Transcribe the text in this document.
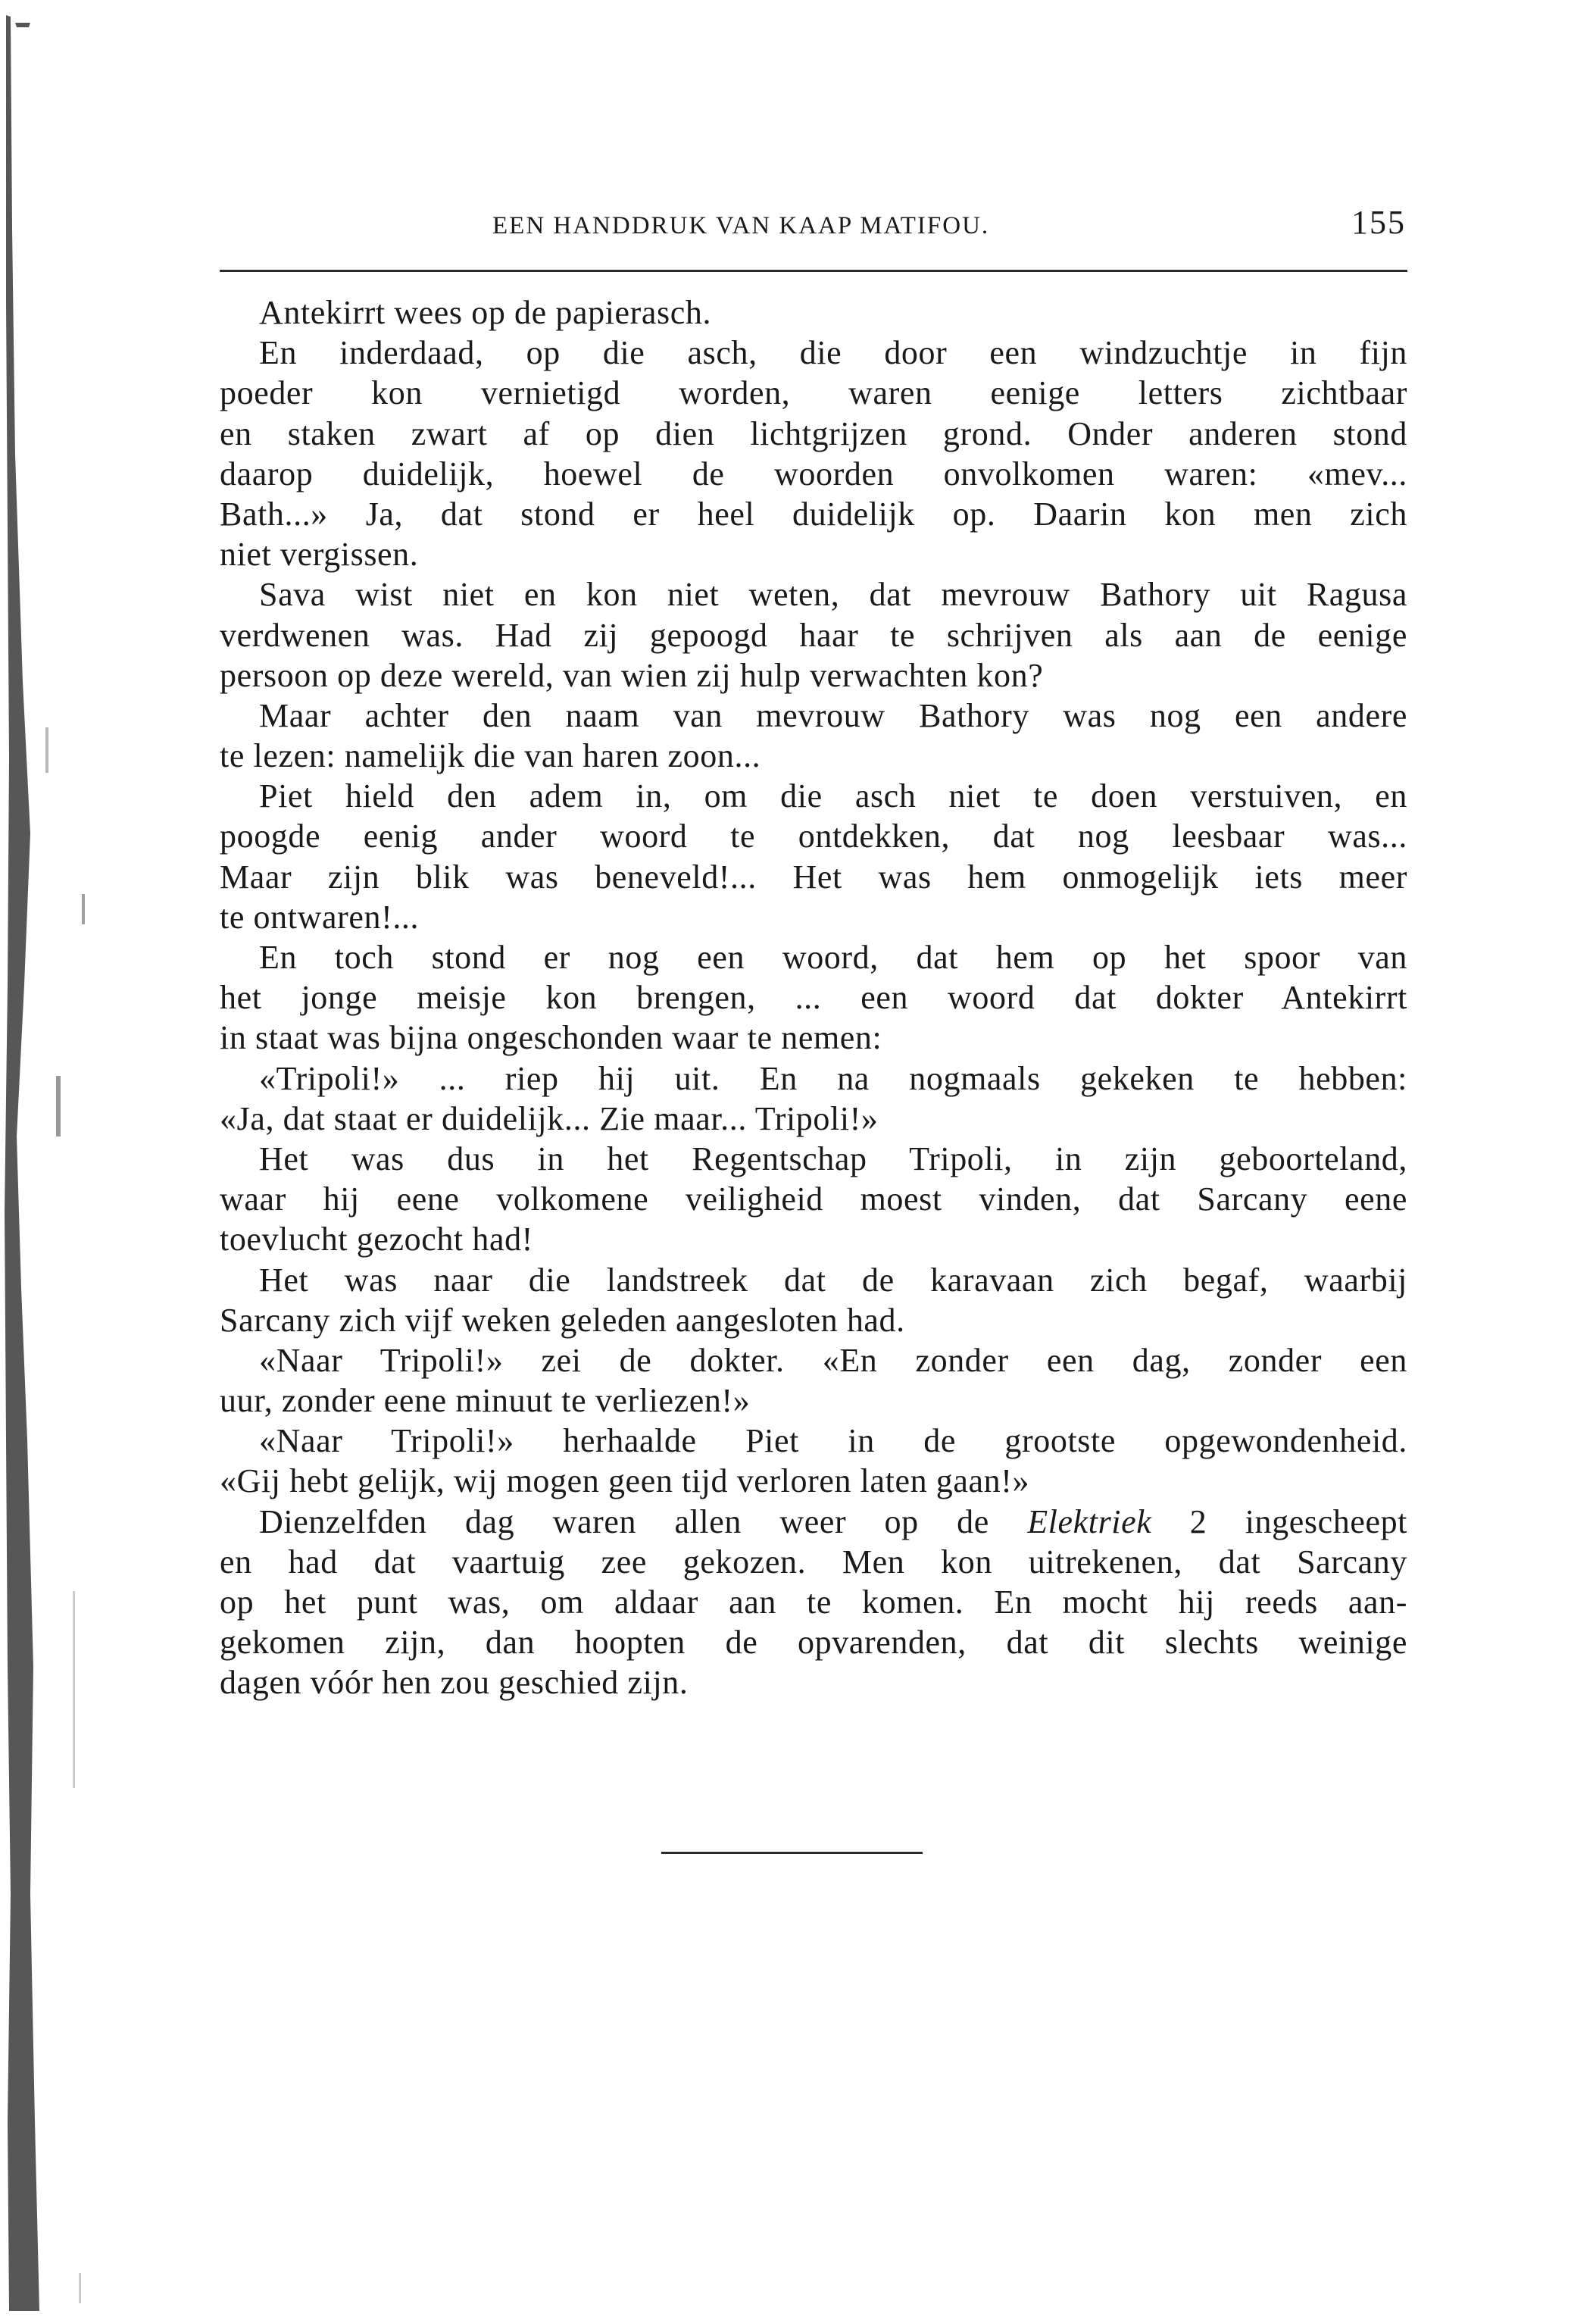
EEN HANDDRUK VAN KAAP MATIFOU.	155
Antekirrt wees op de papierasch.
En inderdaad, op die asch, die door een windzuchtje in fijn
poeder kon vernietigd worden, waren eenige letters zichtbaar
en staken zwart af op dien lichtgrijzen grond. Onder anderen stond
daarop duidelijk, hoewel de woorden onvolkomen waren: «mev...
Bath...» Ja, dat stond er heel duidelijk op. Daarin kon men zich
niet vergissen.
Sava wist niet en kon niet weten, dat mevrouw Bathory uit Ragusa
verdwenen was. Had zij gepoogd haar te schrijven als aan de eenige
persoon op deze wereld, van wien zij hulp verwachten kon?
Maar achter den naam van mevrouw Bathory was nog een andere
te lezen: namelijk die van haren zoon...
Piet hield den adem in, om die asch niet te doen verstuiven, en
poogde eenig ander woord te ontdekken, dat nog leesbaar was...
Maar zijn blik was beneveld!... Het was hem onmogelijk iets meer
te ontwaren!...
En toch stond er nog een woord, dat hem op het spoor van
het jonge meisje kon brengen, ... een woord dat dokter Antekirrt
in staat was bijna ongeschonden waar te nemen:
«Tripoli!» ... riep hij uit. En na nogmaals gekeken te hebben:
«Ja, dat staat er duidelijk... Zie maar... Tripoli!»
Het was dus in het Regentschap Tripoli, in zijn geboorteland,
waar hij eene volkomene veiligheid moest vinden, dat Sarcany eene
toevlucht gezocht had!
Het was naar die landstreek dat de karavaan zich begaf, waarbij
Sarcany zich vijf weken geleden aangesloten had.
«Naar Tripoli!» zei de dokter. «En zonder een dag, zonder een
uur, zonder eene minuut te verliezen!»
«Naar Tripoli!» herhaalde Piet in de grootste opgewondenheid.
«Gij hebt gelijk, wij mogen geen tijd verloren laten gaan!»
Dienzelfden dag waren allen weer op de Elektriek 2 ingescheept
en had dat vaartuig zee gekozen. Men kon uitrekenen, dat Sarcany
op het punt was, om aldaar aan te komen. En mocht hij reeds aan-
gekomen zijn, dan hoopten de opvarenden, dat dit slechts weinige
dagen vóór hen zou geschied zijn.
